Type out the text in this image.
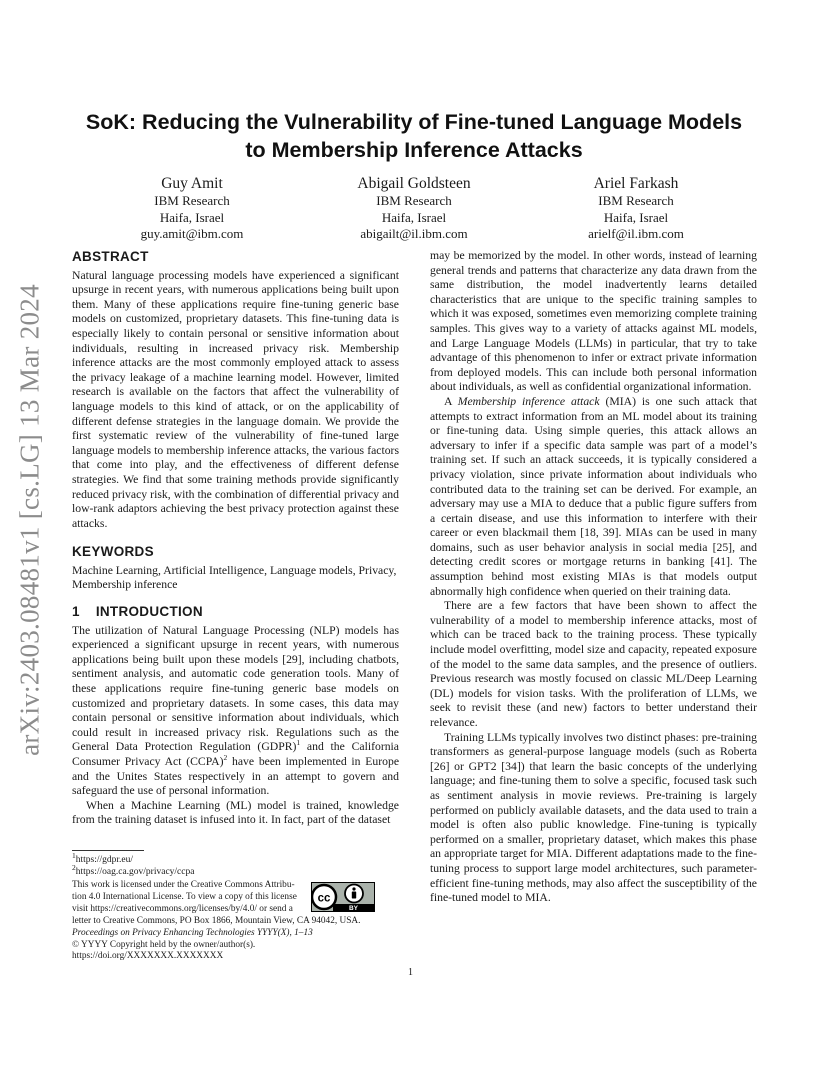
arXiv:2403.08481v1 [cs.LG] 13 Mar 2024
SoK: Reducing the Vulnerability of Fine-tuned Language Models
to Membership Inference Attacks
Guy Amit
IBM Research
Haifa, Israel
guy.amit@ibm.com
Abigail Goldsteen
IBM Research
Haifa, Israel
abigailt@il.ibm.com
Ariel Farkash
IBM Research
Haifa, Israel
arielf@il.ibm.com
ABSTRACT

Natural language processing models have experienced a significant upsurge in recent years, with numerous applications being built upon them. Many of these applications require fine-tuning generic base models on customized, proprietary datasets. This fine-tuning data is especially likely to contain personal or sensitive information about individuals, resulting in increased privacy risk. Membership inference attacks are the most commonly employed attack to assess the privacy leakage of a machine learning model. However, limited research is available on the factors that affect the vulnerability of language models to this kind of attack, or on the applicability of different defense strategies in the language domain. We provide the first systematic review of the vulnerability of fine-tuned large language models to membership inference attacks, the various factors that come into play, and the effectiveness of different defense strategies. We find that some training methods provide significantly reduced privacy risk, with the combination of differential privacy and low-rank adaptors achieving the best privacy protection against these attacks.

KEYWORDS

Machine Learning, Artificial Intelligence, Language models, Privacy, Membership inference

1 INTRODUCTION

The utilization of Natural Language Processing (NLP) models has experienced a significant upsurge in recent years, with numerous applications being built upon these models [29], including chatbots, sentiment analysis, and automatic code generation tools. Many of these applications require fine-tuning generic base models on customized and proprietary datasets. In some cases, this data may contain personal or sensitive information about individuals, which could result in increased privacy risk. Regulations such as the General Data Protection Regulation (GDPR)$^1$ and the California Consumer Privacy Act (CCPA)$^2$ have been implemented in Europe and the Unites States respectively in an attempt to govern and safeguard the use of personal information.

When a Machine Learning (ML) model is trained, knowledge from the training dataset is infused into it. In fact, part of the dataset

$^1$https://gdpr.eu/
$^2$https://oag.ca.gov/privacy/ccpa
This work is licensed under the Creative Commons Attribu-
tion 4.0 International License. To view a copy of this license
visit https://creativecommons.org/licenses/by/4.0/ or send a
letter to Creative Commons, PO Box 1866, Mountain View, CA 94042, USA.
Proceedings on Privacy Enhancing Technologies YYYY(X), 1–13
© YYYY Copyright held by the owner/author(s).
https://doi.org/XXXXXXX.XXXXXXX
cc
BY

may be memorized by the model. In other words, instead of learning general trends and patterns that characterize any data drawn from the same distribution, the model inadvertently learns detailed characteristics that are unique to the specific training samples to which it was exposed, sometimes even memorizing complete training samples. This gives way to a variety of attacks against ML models, and Large Language Models (LLMs) in particular, that try to take advantage of this phenomenon to infer or extract private information from deployed models. This can include both personal information about individuals, as well as confidential organizational information.

A Membership inference attack (MIA) is one such attack that attempts to extract information from an ML model about its training or fine-tuning data. Using simple queries, this attack allows an adversary to infer if a specific data sample was part of a model’s training set. If such an attack succeeds, it is typically considered a privacy violation, since private information about individuals who contributed data to the training set can be derived. For example, an adversary may use a MIA to deduce that a public figure suffers from a certain disease, and use this information to interfere with their career or even blackmail them [18, 39]. MIAs can be used in many domains, such as user behavior analysis in social media [25], and detecting credit scores or mortgage returns in banking [41]. The assumption behind most existing MIAs is that models output abnormally high confidence when queried on their training data.

There are a few factors that have been shown to affect the vulnerability of a model to membership inference attacks, most of which can be traced back to the training process. These typically include model overfitting, model size and capacity, repeated exposure of the model to the same data samples, and the presence of outliers. Previous research was mostly focused on classic ML/Deep Learning (DL) models for vision tasks. With the proliferation of LLMs, we seek to revisit these (and new) factors to better understand their relevance.

Training LLMs typically involves two distinct phases: pre-training transformers as general-purpose language models (such as Roberta [26] or GPT2 [34]) that learn the basic concepts of the underlying language; and fine-tuning them to solve a specific, focused task such as sentiment analysis in movie reviews. Pre-training is largely performed on publicly available datasets, and the data used to train a model is often also public knowledge. Fine-tuning is typically performed on a smaller, proprietary dataset, which makes this phase an appropriate target for MIA. Different adaptations made to the fine-tuning process to support large model architectures, such parameter-efficient fine-tuning methods, may also affect the susceptibility of the fine-tuned model to MIA.

1
